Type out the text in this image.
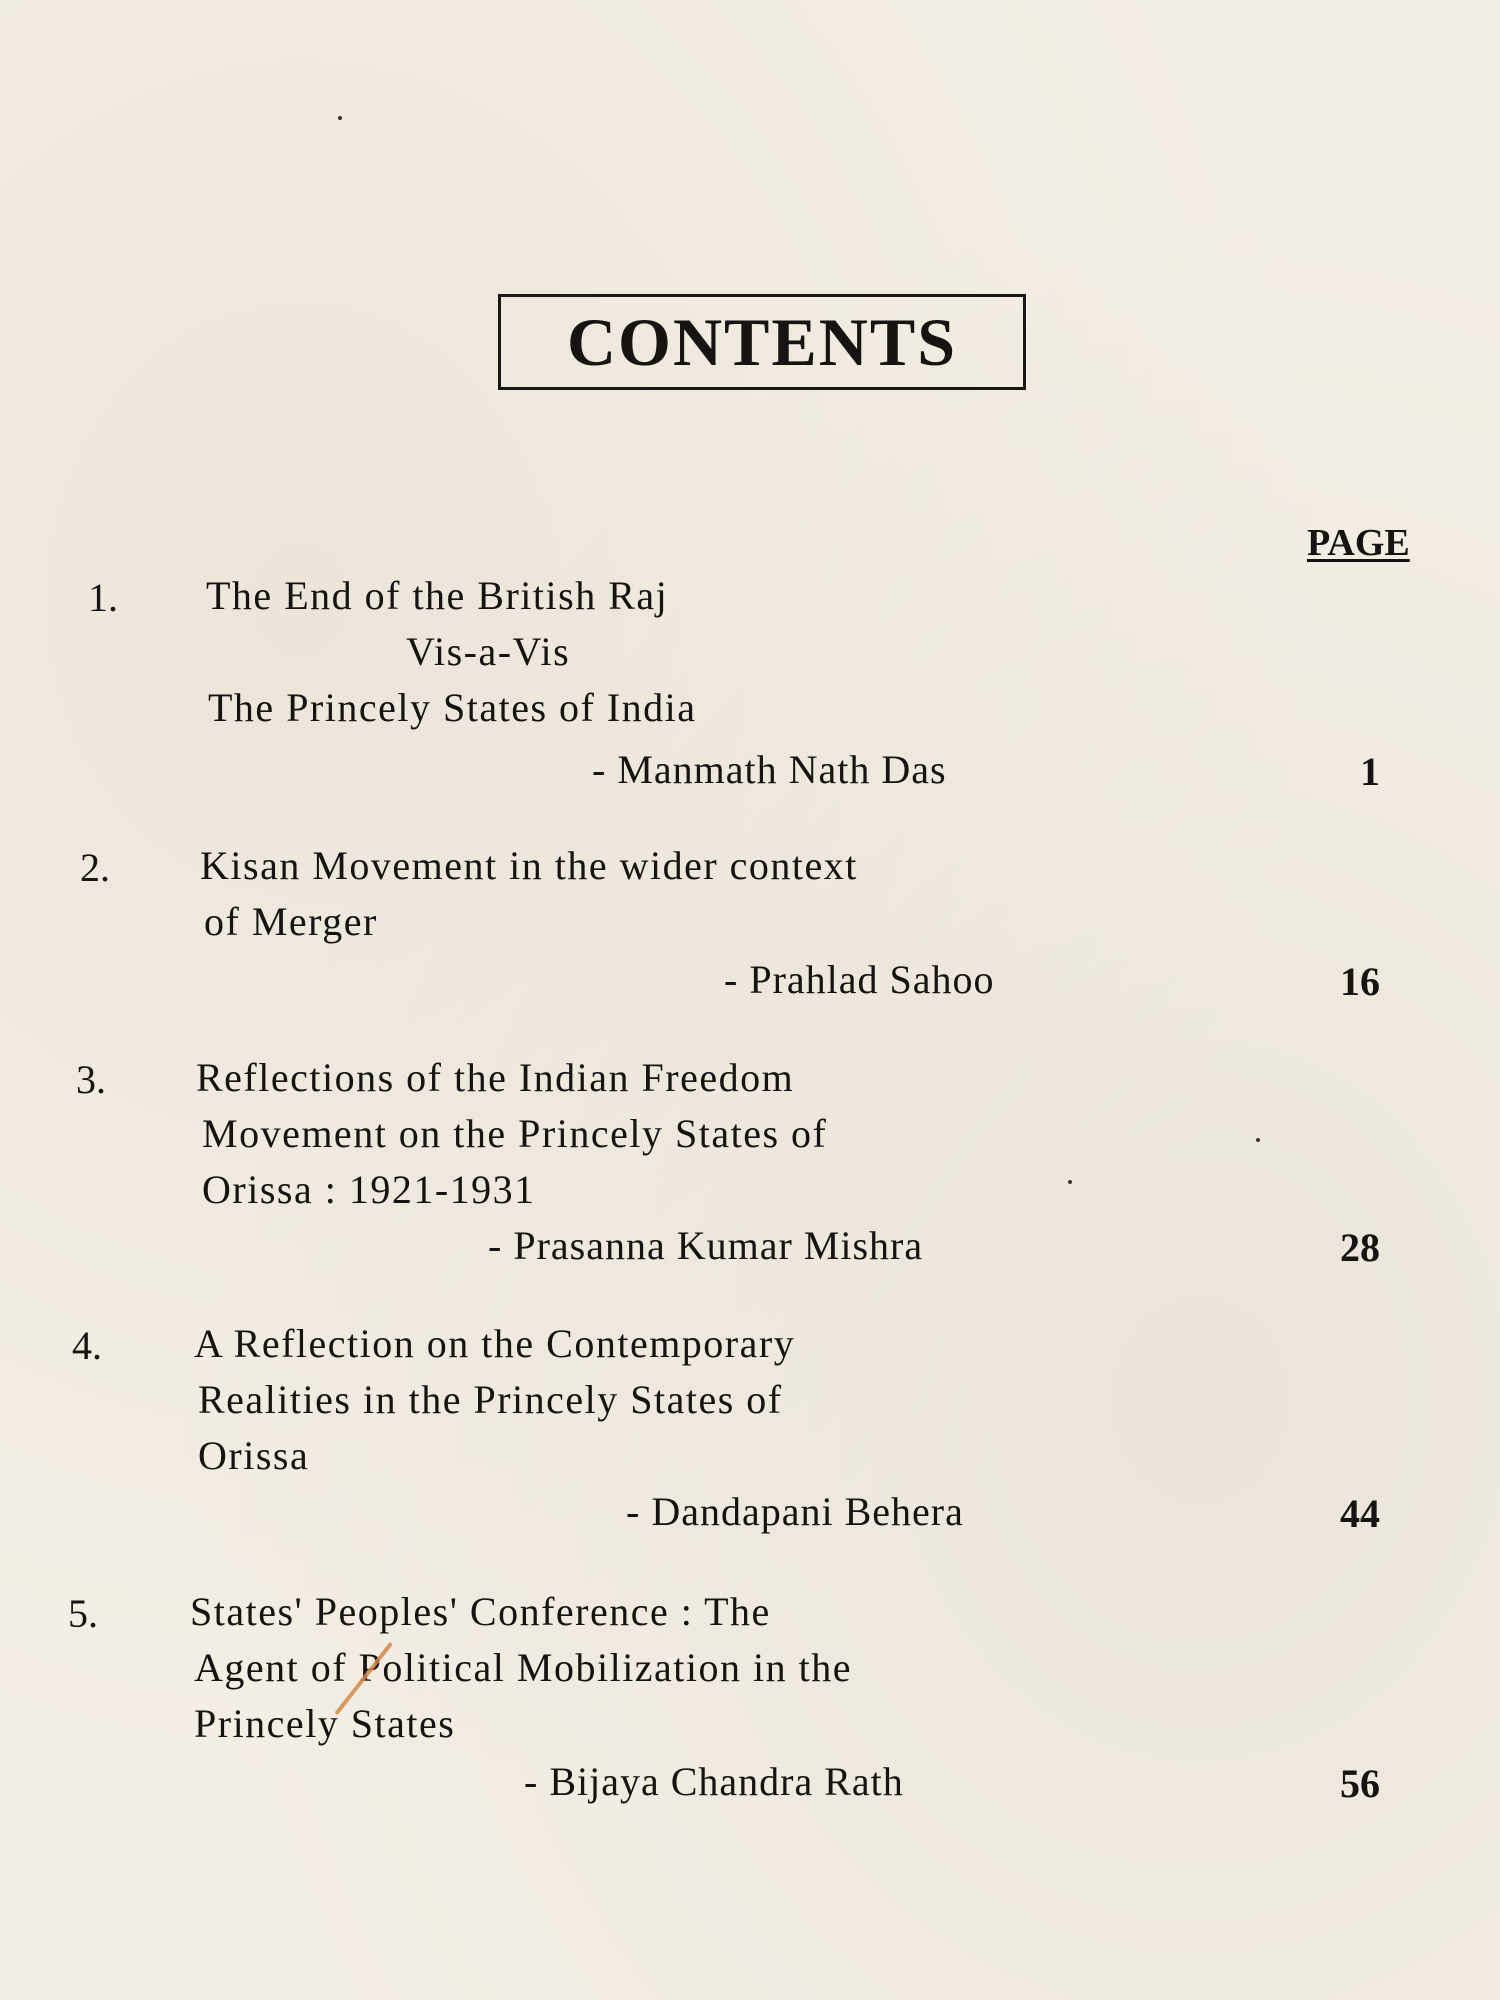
CONTENTS
PAGE
1. The End of the British Raj
Vis-a-Vis
The Princely States of India
- Manmath Nath Das	1
2. Kisan Movement in the wider context
of Merger
- Prahlad Sahoo	16
3. Reflections of the Indian Freedom
Movement on the Princely States of
Orissa : 1921-1931
- Prasanna Kumar Mishra	28
4. A Reflection on the Contemporary
Realities in the Princely States of
Orissa
- Dandapani Behera	44
5. States' Peoples' Conference : The
Agent of Political Mobilization in the
Princely States
- Bijaya Chandra Rath	56
